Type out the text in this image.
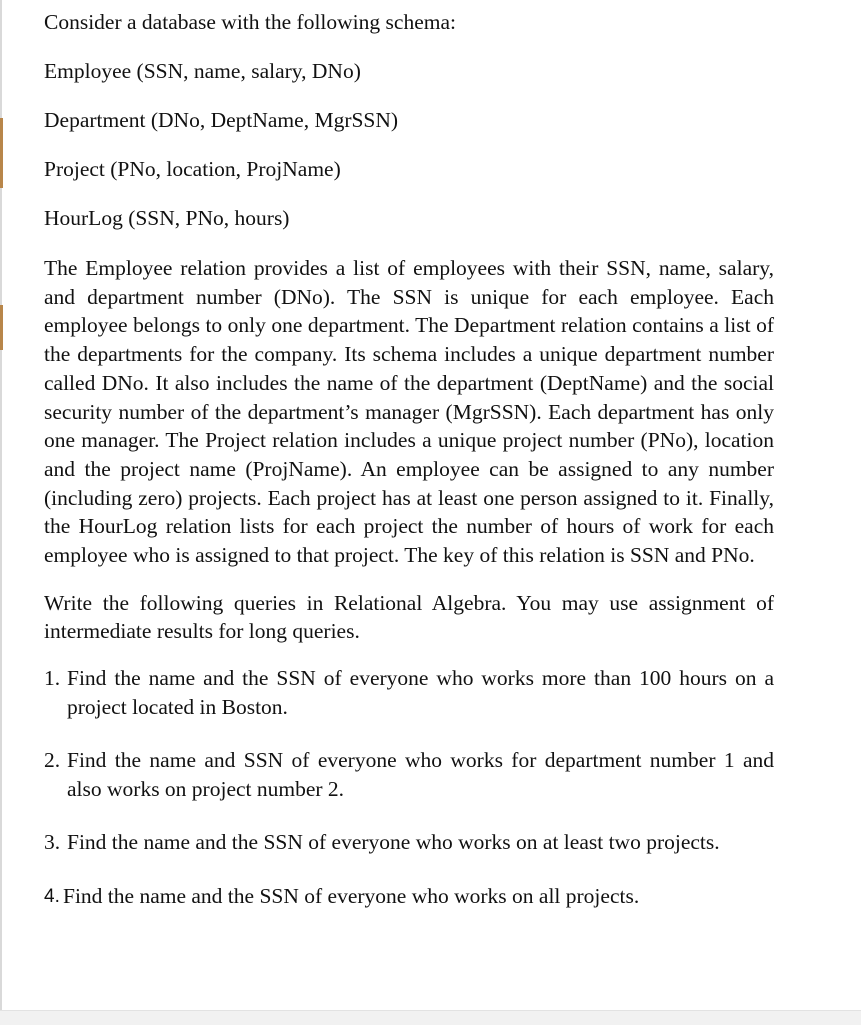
Consider a database with the following schema:

Employee (SSN, name, salary, DNo)

Department (DNo, DeptName, MgrSSN)

Project (PNo, location, ProjName)

HourLog (SSN, PNo, hours)

The Employee relation provides a list of employees with their SSN, name, salary, and department number (DNo). The SSN is unique for each employee. Each employee belongs to only one department. The Department relation contains a list of the departments for the company. Its schema includes a unique department number called DNo. It also includes the name of the department (DeptName) and the social security number of the department’s manager (MgrSSN). Each department has only one manager. The Project relation includes a unique project number (PNo), location and the project name (ProjName). An employee can be assigned to any number (including zero) projects. Each project has at least one person assigned to it. Finally, the HourLog relation lists for each project the number of hours of work for each employee who is assigned to that project. The key of this relation is SSN and PNo.

Write the following queries in Relational Algebra. You may use assignment of intermediate results for long queries.

1. Find the name and the SSN of everyone who works more than 100 hours on a project located in Boston.
2. Find the name and SSN of everyone who works for department number 1 and also works on project number 2.
3. Find the name and the SSN of everyone who works on at least two projects.
4. Find the name and the SSN of everyone who works on all projects.
